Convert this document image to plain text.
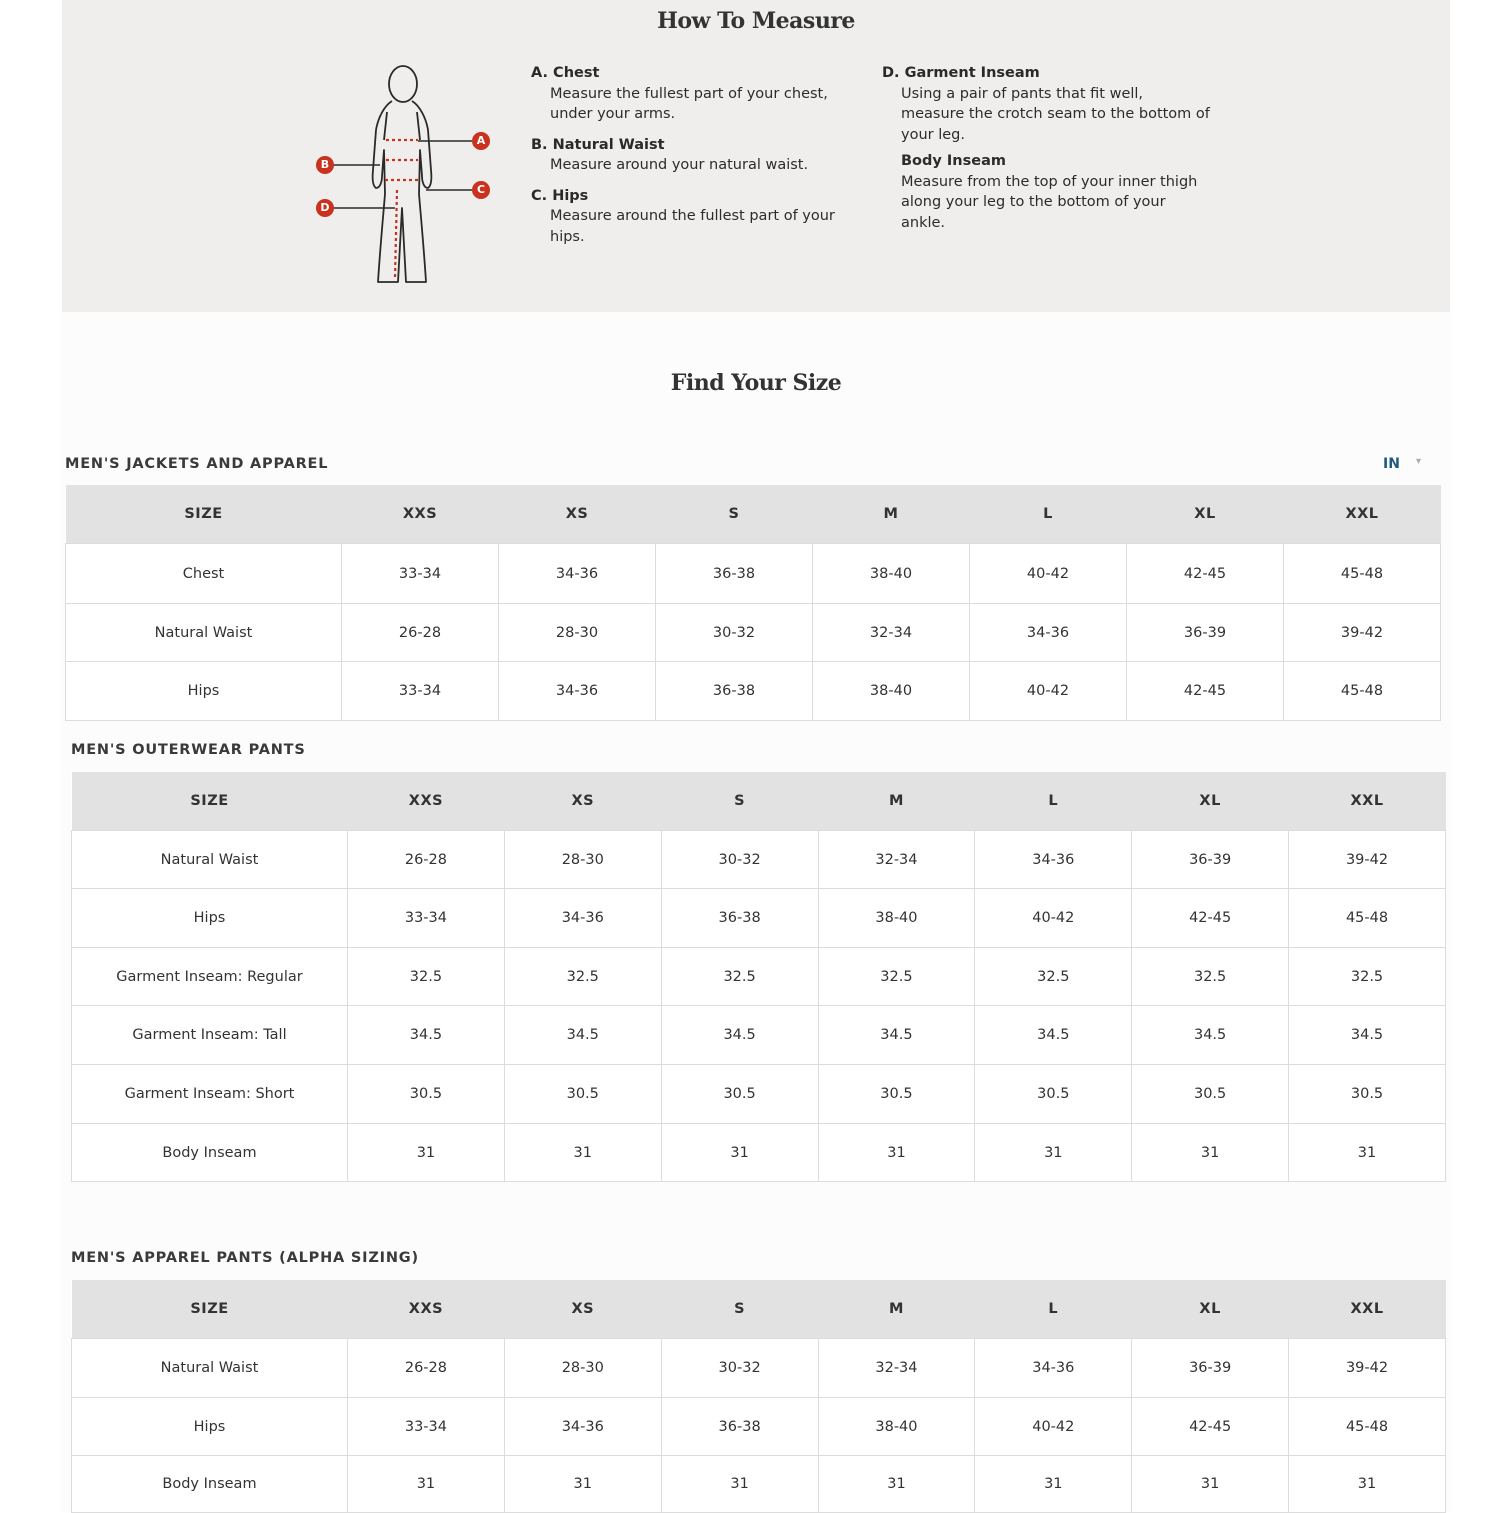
How To Measure
A
B
C
D
A. Chest
Measure the fullest part of your chest,
under your arms.
B. Natural Waist
Measure around your natural waist.
C. Hips
Measure around the fullest part of your
hips.
D. Garment Inseam
Using a pair of pants that fit well,
measure the crotch seam to the bottom of
your leg.
Body Inseam
Measure from the top of your inner thigh
along your leg to the bottom of your
ankle.
Find Your Size
MEN'S JACKETS AND APPAREL	IN ▾
SIZE	XXS	XS	S	M	L	XL	XXL
Chest	33-34	34-36	36-38	38-40	40-42	42-45	45-48
Natural Waist	26-28	28-30	30-32	32-34	34-36	36-39	39-42
Hips	33-34	34-36	36-38	38-40	40-42	42-45	45-48
MEN'S OUTERWEAR PANTS
SIZE	XXS	XS	S	M	L	XL	XXL
Natural Waist	26-28	28-30	30-32	32-34	34-36	36-39	39-42
Hips	33-34	34-36	36-38	38-40	40-42	42-45	45-48
Garment Inseam: Regular	32.5	32.5	32.5	32.5	32.5	32.5	32.5
Garment Inseam: Tall	34.5	34.5	34.5	34.5	34.5	34.5	34.5
Garment Inseam: Short	30.5	30.5	30.5	30.5	30.5	30.5	30.5
Body Inseam	31	31	31	31	31	31	31
MEN'S APPAREL PANTS (ALPHA SIZING)
SIZE	XXS	XS	S	M	L	XL	XXL
Natural Waist	26-28	28-30	30-32	32-34	34-36	36-39	39-42
Hips	33-34	34-36	36-38	38-40	40-42	42-45	45-48
Body Inseam	31	31	31	31	31	31	31
